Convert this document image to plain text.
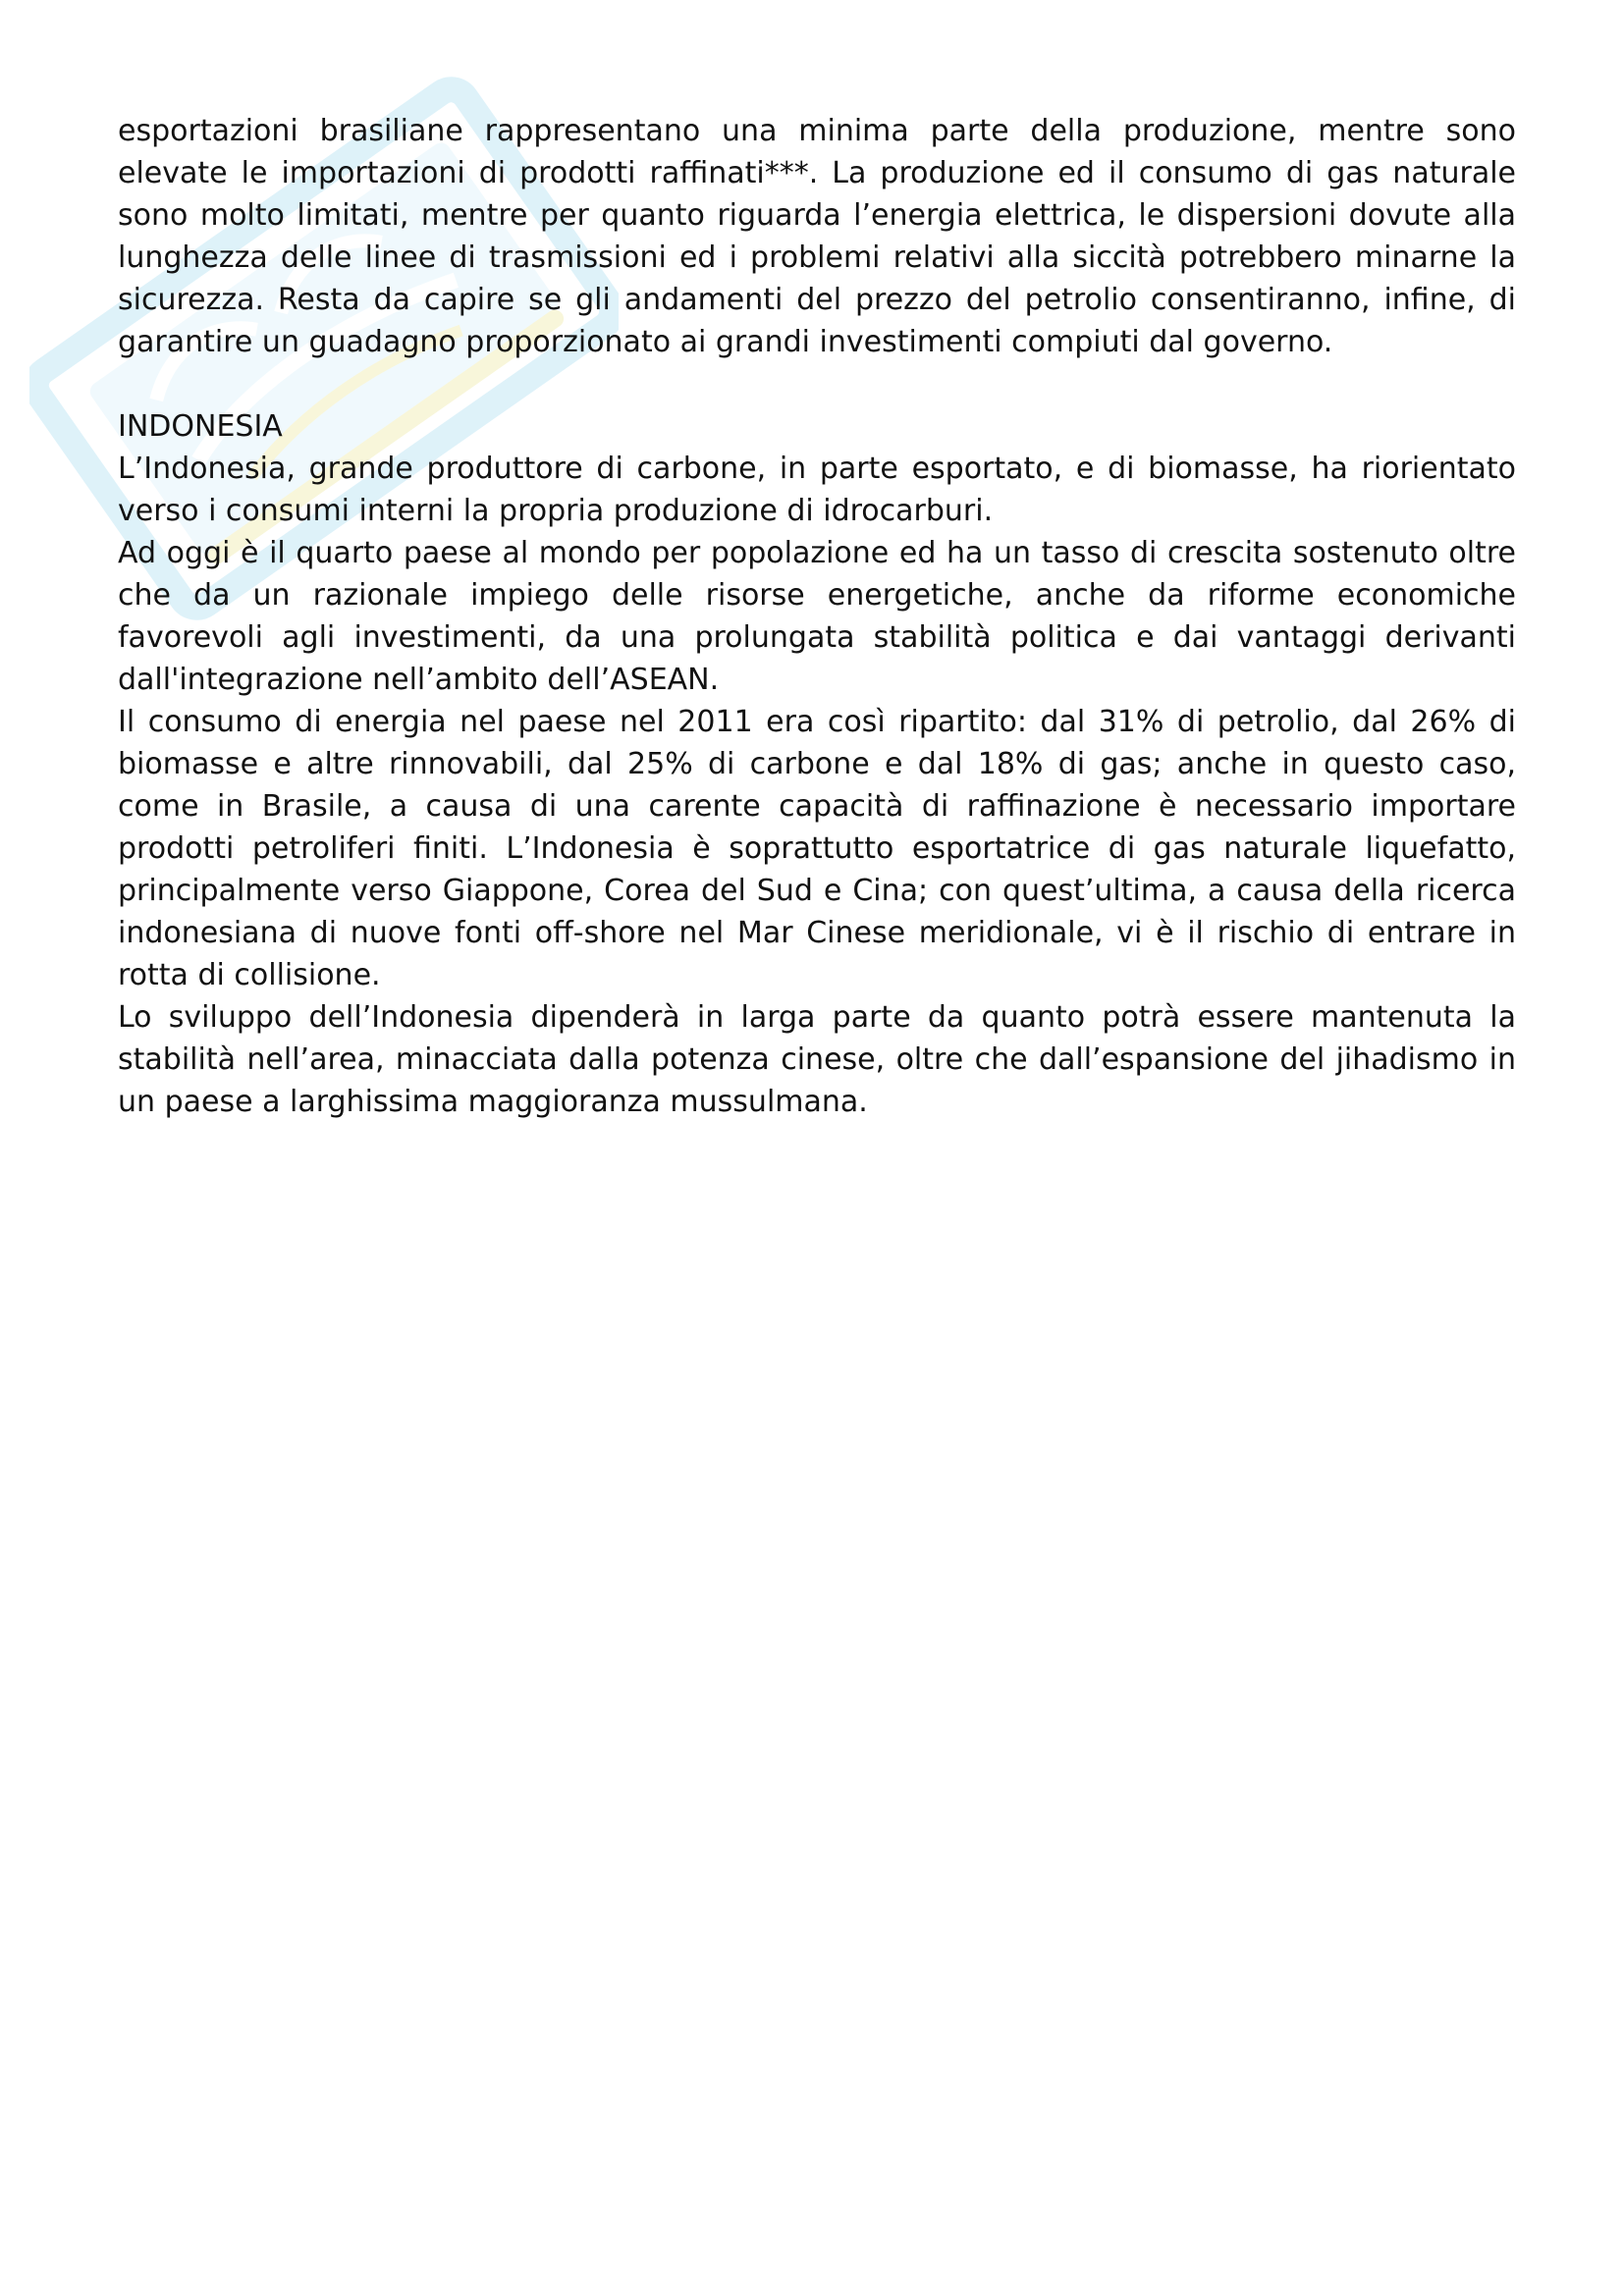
esportazioni brasiliane rappresentano una minima parte della produzione, mentre sono elevate le importazioni di prodotti raffinati***. La produzione ed il consumo di gas naturale sono molto limitati, mentre per quanto riguarda l’energia elettrica, le dispersioni dovute alla lunghezza delle linee di trasmissioni ed i problemi relativi alla siccità potrebbero minarne la sicurezza. Resta da capire se gli andamenti del prezzo del petrolio consentiranno, infine, di garantire un guadagno proporzionato ai grandi investimenti compiuti dal governo.

INDONESIA

L’Indonesia, grande produttore di carbone, in parte esportato, e di biomasse, ha riorientato verso i consumi interni la propria produzione di idrocarburi.

Ad oggi è il quarto paese al mondo per popolazione ed ha un tasso di crescita sostenuto oltre che da un razionale impiego delle risorse energetiche, anche da riforme economiche favorevoli agli investimenti, da una prolungata stabilità politica e dai vantaggi derivanti dall'integrazione nell’ambito dell’ASEAN.

Il consumo di energia nel paese nel 2011 era così ripartito: dal 31% di petrolio, dal 26% di biomasse e altre rinnovabili, dal 25% di carbone e dal 18% di gas; anche in questo caso, come in Brasile, a causa di una carente capacità di raffinazione è necessario importare prodotti petroliferi finiti. L’Indonesia è soprattutto esportatrice di gas naturale liquefatto, principalmente verso Giappone, Corea del Sud e Cina; con quest’ultima, a causa della ricerca indonesiana di nuove fonti off-shore nel Mar Cinese meridionale, vi è il rischio di entrare in rotta di collisione.

Lo sviluppo dell’Indonesia dipenderà in larga parte da quanto potrà essere mantenuta la stabilità nell’area, minacciata dalla potenza cinese, oltre che dall’espansione del jihadismo in un paese a larghissima maggioranza mussulmana.
